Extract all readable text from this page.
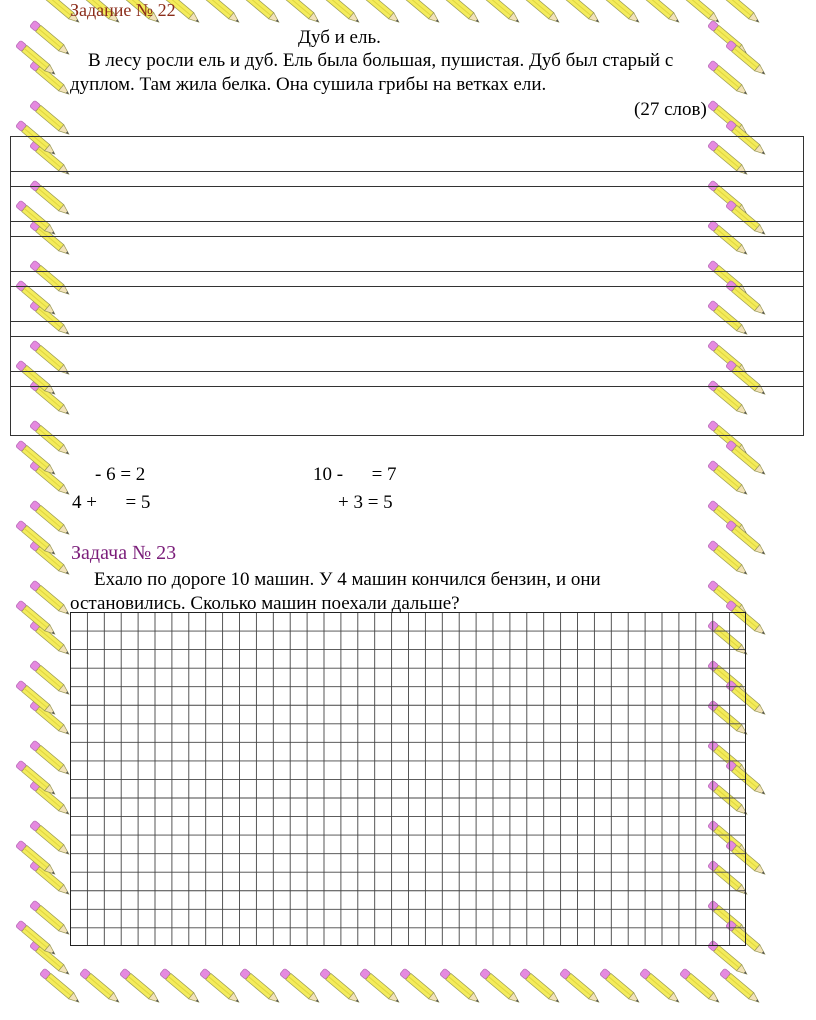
Задание № 22
Дуб и ель.
В лесу росли ель и дуб. Ель была большая, пушистая. Дуб был старый с
дуплом. Там жила белка. Она сушила грибы на ветках ели.
(27 слов)
- 6 = 2	10 -      = 7
4 +      = 5	+ 3 = 5
Задача № 23
Ехало по дороге 10 машин. У 4 машин кончился бензин, и они
остановились. Сколько машин поехали дальше?
